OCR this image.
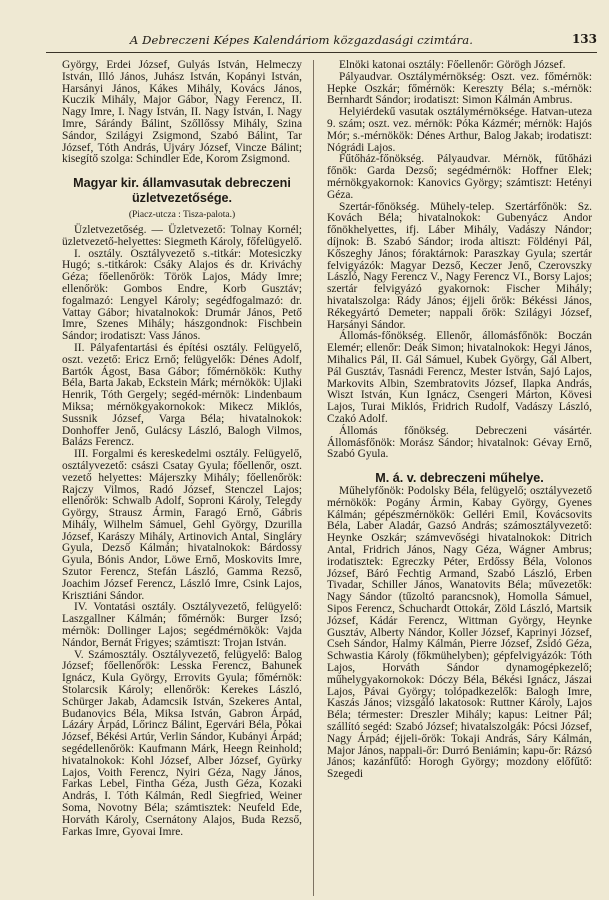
A Debreczeni Képes Kalendáriom közgazdasági czimtára.	133

György, Erdei József, Gulyás István, Helmeczy István, Illó János, Juhász István, Kopányi István, Harsányi János, Kákes Mihály, Kovács János, Kuczik Mihály, Major Gábor, Nagy Ferencz, II. Nagy Imre, I. Nagy István, II. Nagy István, I. Nagy Imre, Sárándy Bálint, Szőllőssy Mihály, Szina Sándor, Szilágyi Zsigmond, Szabó Bálint, Tar József, Tóth András, Ujváry József, Vincze Bálint; kisegítő szolga: Schindler Ede, Korom Zsigmond.

Magyar kir. államvasutak debreczeni üzletvezetősége.
(Piacz-utcza : Tisza-palota.)

Üzletvezetőség. — Üzletvezető: Tolnay Kornél; üzletvezető-helyettes: Siegmeth Károly, főfelügyelő.

I. osztály. Osztályvezető s.-titkár: Motesiczky Hugó; s.-titkárok: Csáky Alajos és dr. Kriváchy Géza; főellenőrök: Török Lajos, Mády Imre; ellenőrök: Gombos Endre, Korb Gusztáv; fogalmazó: Lengyel Károly; segédfogalmazó: dr. Vattay Gábor; hivatalnokok: Drumár János, Pető Imre, Szenes Mihály; hászgondnok: Fischbein Sándor; irodatiszt: Vass János.

II. Pályafentartási és építési osztály. Felügyelő, oszt. vezető: Ericz Ernő; felügyelők: Dénes Adolf, Bartók Ágost, Basa Gábor; főmérnökök: Kuthy Béla, Barta Jakab, Eckstein Márk; mérnökök: Ujlaki Henrik, Tóth Gergely; segéd-mérnök: Lindenbaum Miksa; mérnökgyakornokok: Mikecz Miklós, Sussnik József, Varga Béla; hivatalnokok: Donhoffer Jenő, Gulácsy László, Balogh Vilmos, Balázs Ferencz.

III. Forgalmi és kereskedelmi osztály. Felügyelő, osztályvezető: császi Csatay Gyula; főellenőr, oszt. vezető helyettes: Májerszky Mihály; főellenőrök: Rajczy Vilmos, Radó József, Stenczel Lajos; ellenőrök: Schwalb Adolf, Soproni Károly, Telegdy György, Strausz Ármin, Faragó Ernő, Gábris Mihály, Wilhelm Sámuel, Gehl György, Dzurilla József, Karászy Mihály, Artinovich Antal, Singláry Gyula, Dezső Kálmán; hivatalnokok: Bárdossy Gyula, Bónis Andor, Löwe Ernő, Moskovits Imre, Szutor Ferencz, Stefán László, Gamma Rezső, Joachim József Ferencz, László Imre, Csink Lajos, Krisztiáni Sándor.

IV. Vontatási osztály. Osztályvezető, felügyelő: Laszgallner Kálmán; főmérnök: Burger Izsó; mérnök: Dollinger Lajos; segédmérnökök: Vajda Nándor, Bernát Frigyes; számtiszt: Trojan István.

V. Számosztály. Osztályvezető, felügyelő: Balog József; főellenőrök: Lesska Ferencz, Bahunek Ignácz, Kula György, Errovits Gyula; főmérnök: Stolarcsik Károly; ellenőrök: Kerekes László, Schürger Jakab, Adamcsik István, Szekeres Antal, Budanovics Béla, Miksa István, Gabron Árpád, Lázáry Árpád, Lőrincz Bálint, Egervári Béla, Pókai József, Békési Artúr, Verlin Sándor, Kubányi Árpád; segédellenőrök: Kaufmann Márk, Heegn Reinhold; hivatalnokok: Kohl József, Alber József, Gyürky Lajos, Voith Ferencz, Nyiri Géza, Nagy János, Farkas Lebel, Fintha Géza, Justh Géza, Kozaki András, I. Tóth Kálmán, Redl Siegfried, Weiner Soma, Novotny Béla; számtisztek: Neufeld Ede, Horváth Károly, Csernátony Alajos, Buda Rezső, Farkas Imre, Gyovai Imre.

Elnöki katonai osztály: Főellenőr: Görögh József.

Pályaudvar. Osztálymérnökség: Oszt. vez. főmérnök: Hepke Oszkár; főmérnök: Kereszty Béla; s.-mérnök: Bernhardt Sándor; irodatiszt: Simon Kálmán Ambrus.

Helyiérdekű vasutak osztálymérnöksége. Hatvan-uteza 9. szám; oszt. vez. mérnök: Póka Kázmér; mérnök: Hajós Mór; s.-mérnökök: Dénes Arthur, Balog Jakab; irodatiszt: Nógrádi Lajos.

Fűtőház-főnökség. Pályaudvar. Mérnök, fűtőházi főnök: Garda Dezső; segédmérnök: Hoffner Elek; mérnökgyakornok: Kanovics György; számtiszt: Hetényi Géza.

Szertár-főnökség. Mühely-telep. Szertárfőnök: Sz. Kovách Béla; hivatalnokok: Gubenyácz Andor főnökhelyettes, ifj. Láber Mihály, Vadászy Nándor; díjnok: B. Szabó Sándor; iroda altiszt: Földényi Pál, Kőszeghy János; fóraktárnok: Paraszkay Gyula; szertár felvigyázók: Magyar Dezső, Keczer Jenő, Czerovszky László, Nagy Ferencz V., Nagy Ferencz VI., Borsy Lajos; szertár felvigyázó gyakornok: Fischer Mihály; hivatalszolga: Rády János; éjjeli őrök: Békéssi János, Rékegyártó Demeter; nappali őrök: Szilágyi József, Harsányi Sándor.

Állomás-főnökség. Ellenőr, állomásfőnök: Boczán Elemér; ellenőr: Deák Simon; hivatalnokok: Hegyi János, Mihalics Pál, II. Gál Sámuel, Kubek György, Gál Albert, Pál Gusztáv, Tasnádi Ferencz, Mester István, Sajó Lajos, Markovits Albin, Szembratovits József, Ilapka András, Wiszt István, Kun Ignácz, Csengeri Márton, Kövesi Lajos, Turai Miklós, Fridrich Rudolf, Vadászy László, Czakó Adolf.

Állomás főnökség. Debreczeni vásártér. Állomásfőnök: Morász Sándor; hivatalnok: Gévay Ernő, Szabó Gyula.

M. á. v. debreczeni műhelye.

Műhelyfőnök: Podolsky Béla, felügyelő; osztályvezető mérnökök: Pogány Ármin, Kabay György, Gyenes Kálmán; gépészmérnökök: Gelléri Emil, Kovácsovits Béla, Laber Aladár, Gazsó András; számosztályvezető: Heynke Oszkár; számvevőségi hivatalnokok: Ditrich Antal, Fridrich János, Nagy Géza, Wágner Ambrus; irodatisztek: Egreczky Péter, Erdőssy Béla, Volonos József, Báró Fechtig Armand, Szabó László, Erben Tivadar, Schiller János, Wanatovits Béla; művezetők: Nagy Sándor (tűzoltó parancsnok), Homolla Sámuel, Sipos Ferencz, Schuchardt Ottokár, Zöld László, Martsik József, Kádár Ferencz, Wittman György, Heynke Gusztáv, Alberty Nándor, Koller József, Kaprinyi József, Cseh Sándor, Halmy Kálmán, Pierre József, Zsidó Géza, Schwastia Károly (főkmühelyben); gépfelvigyázók: Tóth Lajos, Horváth Sándor dynamogépkezelő; műhelygyakornokok: Dóczy Béla, Békési Ignácz, Jászai Lajos, Pávai György; tolópadkezelők: Balogh Imre, Kaszás János; vizsgáló lakatosok: Ruttner Károly, Lajos Béla; térmester: Dreszler Mihály; kapus: Leitner Pál; szállító segéd: Szabó József; hivatalszolgák: Pócsi József, Nagy Árpád; éjjeli-őrök: Tokaji András, Sáry Kálmán, Major János, nappali-őr: Durró Beniámin; kapu-őr: Rázsó János; kazánfűtő: Horogh György; mozdony előfűtő: Szegedi
